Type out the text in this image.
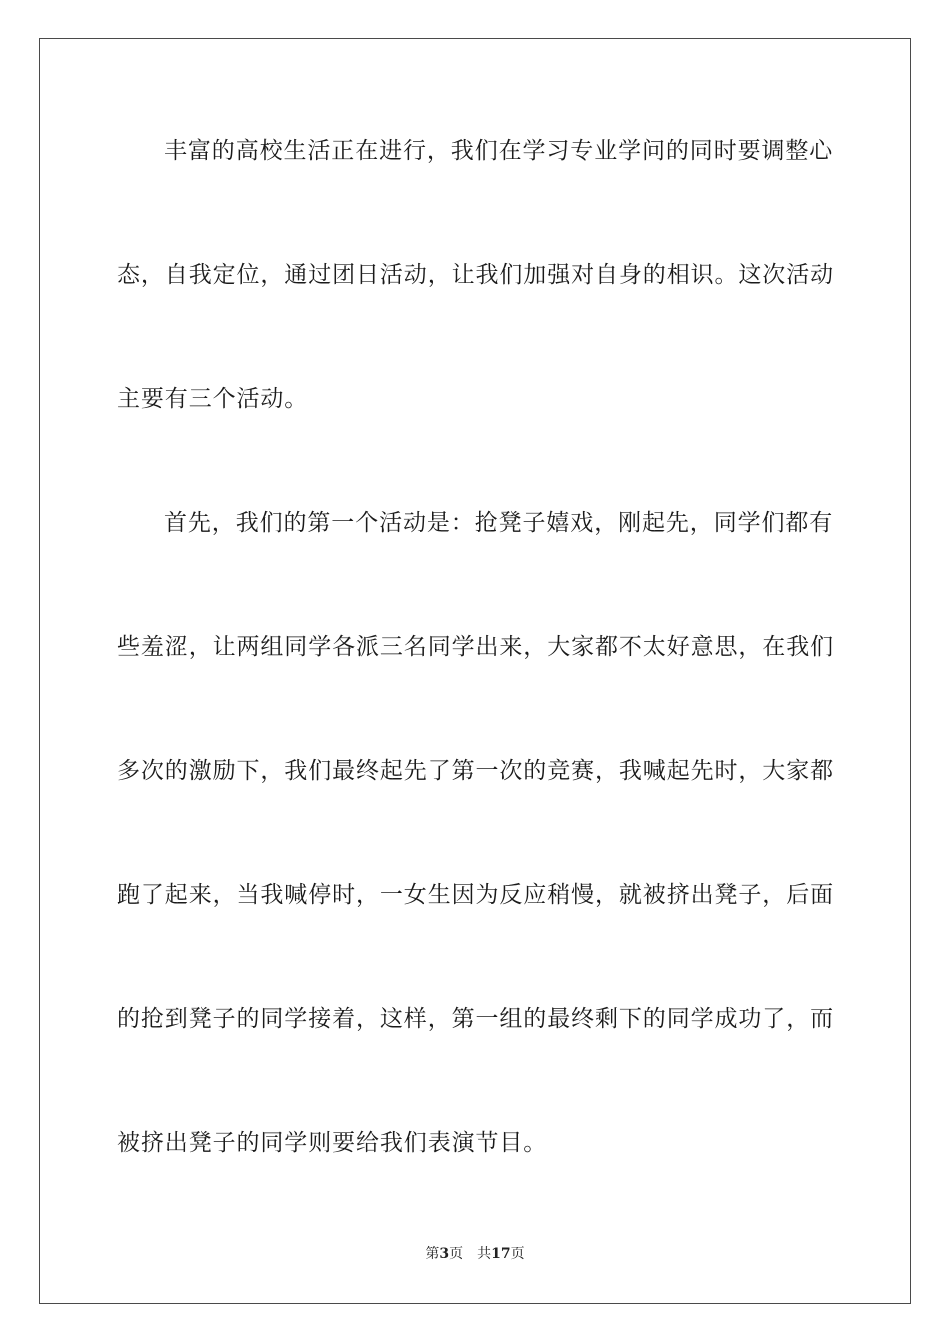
丰富的高校生活正在进行，我们在学习专业学问的同时要调整心
态，自我定位，通过团日活动，让我们加强对自身的相识。这次活动
主要有三个活动。
首先，我们的第一个活动是：抢凳子嬉戏，刚起先，同学们都有
些羞涩，让两组同学各派三名同学出来，大家都不太好意思，在我们
多次的激励下，我们最终起先了第一次的竞赛，我喊起先时，大家都
跑了起来，当我喊停时，一女生因为反应稍慢，就被挤出凳子，后面
的抢到凳子的同学接着，这样，第一组的最终剩下的同学成功了，而
被挤出凳子的同学则要给我们表演节目。
第3页 共17页
